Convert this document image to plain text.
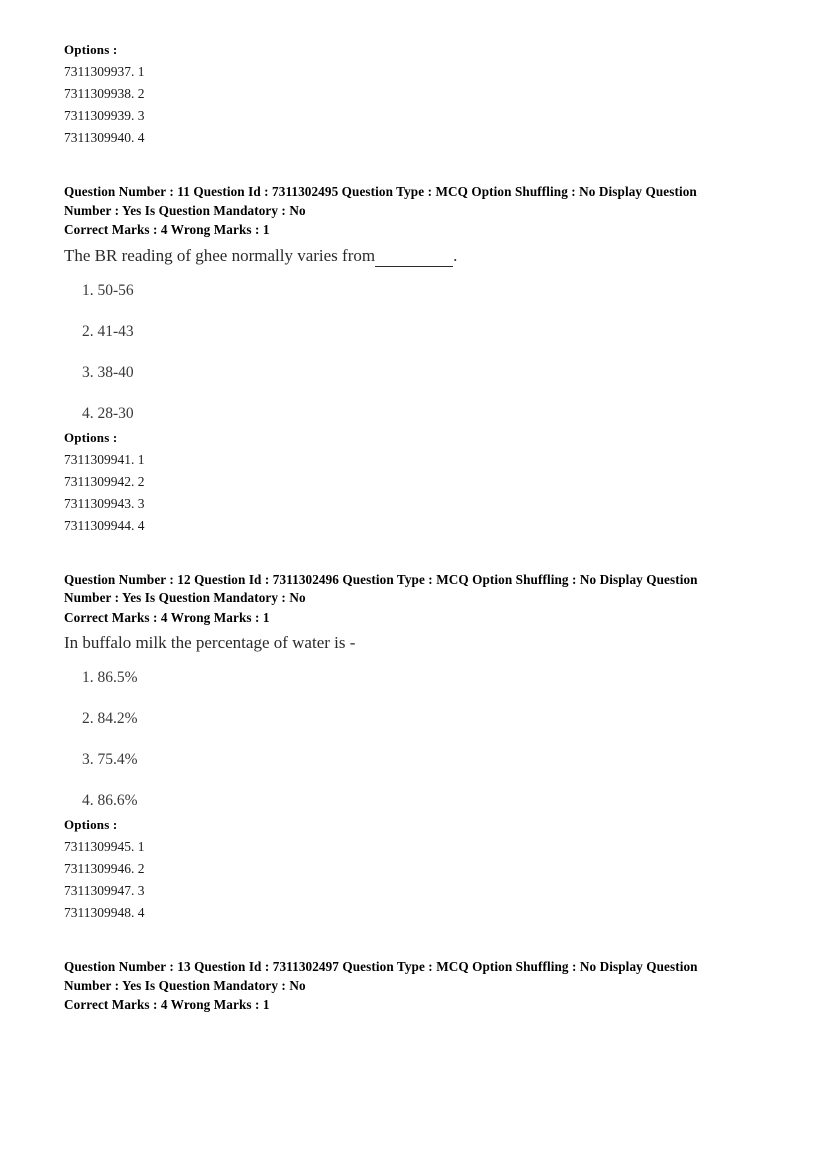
Options :
7311309937. 1
7311309938. 2
7311309939. 3
7311309940. 4
Question Number : 11 Question Id : 7311302495 Question Type : MCQ Option Shuffling : No Display Question
Number : Yes Is Question Mandatory : No
Correct Marks : 4 Wrong Marks : 1
The BR reading of ghee normally varies from	.
1. 50-56
2. 41-43
3. 38-40
4. 28-30
Options :
7311309941. 1
7311309942. 2
7311309943. 3
7311309944. 4
Question Number : 12 Question Id : 7311302496 Question Type : MCQ Option Shuffling : No Display Question
Number : Yes Is Question Mandatory : No
Correct Marks : 4 Wrong Marks : 1
In buffalo milk the percentage of water is -
1. 86.5%
2. 84.2%
3. 75.4%
4. 86.6%
Options :
7311309945. 1
7311309946. 2
7311309947. 3
7311309948. 4
Question Number : 13 Question Id : 7311302497 Question Type : MCQ Option Shuffling : No Display Question
Number : Yes Is Question Mandatory : No
Correct Marks : 4 Wrong Marks : 1
